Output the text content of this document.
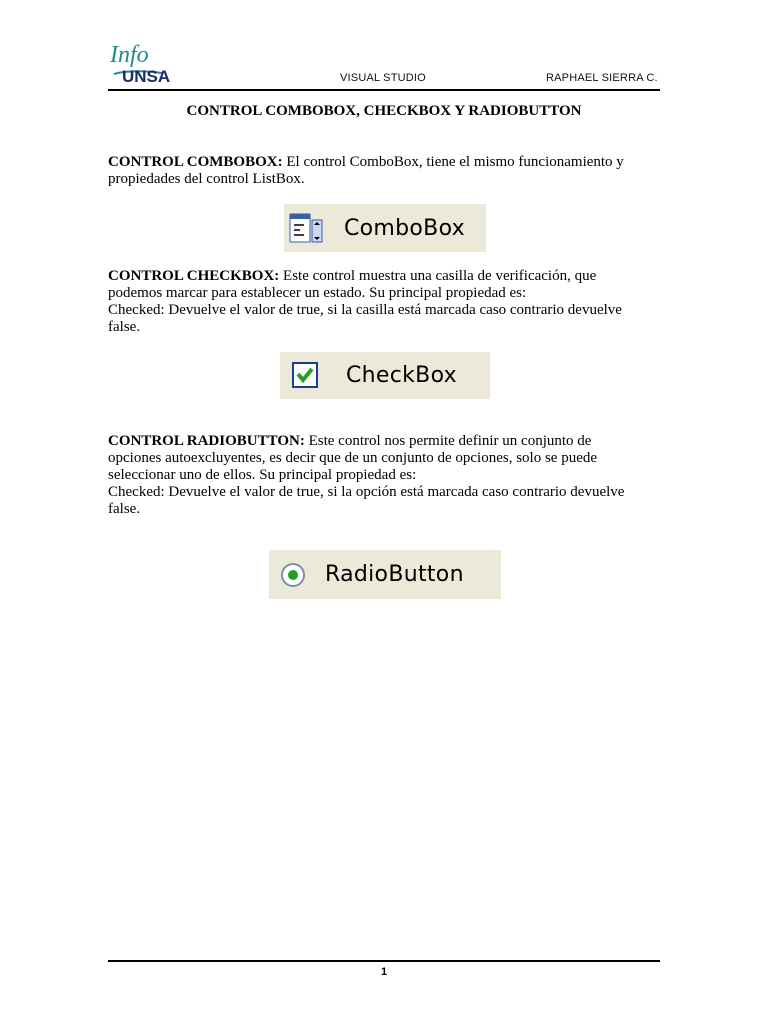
Info
UNSA	VISUAL STUDIO	RAPHAEL SIERRA C.
CONTROL COMBOBOX, CHECKBOX Y RADIOBUTTON
CONTROL COMBOBOX: El control ComboBox, tiene el mismo funcionamiento y
propiedades del control ListBox.
ComboBox
CONTROL CHECKBOX: Este control muestra una casilla de verificación, que
podemos marcar para establecer un estado. Su principal propiedad es:
Checked: Devuelve el valor de true, si la casilla está marcada caso contrario devuelve
false.
CheckBox
CONTROL RADIOBUTTON: Este control nos permite definir un conjunto de
opciones autoexcluyentes, es decir que de un conjunto de opciones, solo se puede
seleccionar uno de ellos. Su principal propiedad es:
Checked: Devuelve el valor de true, si la opción está marcada caso contrario devuelve
false.
RadioButton
1
